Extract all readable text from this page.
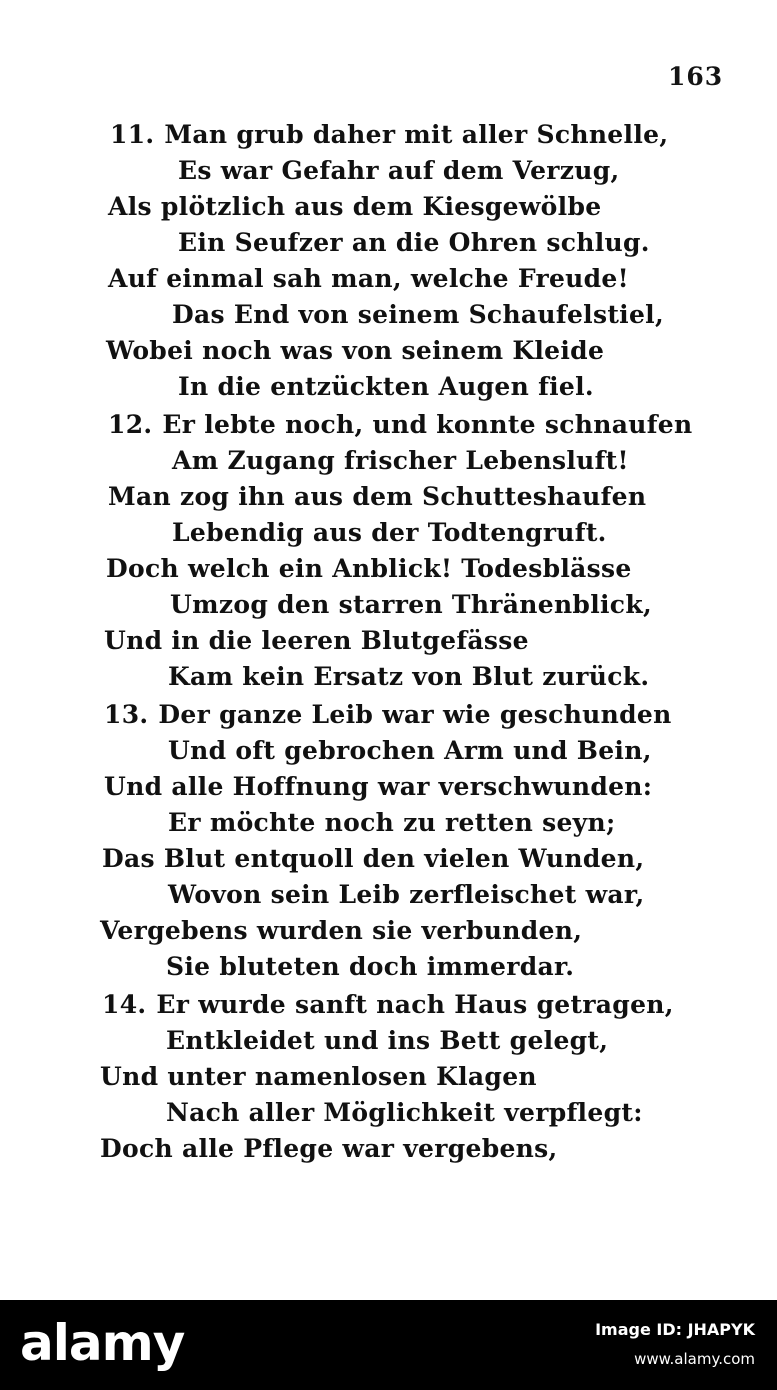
163
11. Man grub daher mit aller Schnelle,
Es war Gefahr auf dem Verzug,
Als plötzlich aus dem Kiesgewölbe
Ein Seufzer an die Ohren schlug.
Auf einmal sah man, welche Freude!
Das End von seinem Schaufelstiel,
Wobei noch was von seinem Kleide
In die entzückten Augen fiel.
12. Er lebte noch, und konnte schnaufen
Am Zugang frischer Lebensluft!
Man zog ihn aus dem Schutteshaufen
Lebendig aus der Todtengruft.
Doch welch ein Anblick! Todesblässe
Umzog den starren Thränenblick,
Und in die leeren Blutgefässe
Kam kein Ersatz von Blut zurück.
13. Der ganze Leib war wie geschunden
Und oft gebrochen Arm und Bein,
Und alle Hoffnung war verschwunden:
Er möchte noch zu retten seyn;
Das Blut entquoll den vielen Wunden,
Wovon sein Leib zerfleischet war,
Vergebens wurden sie verbunden,
Sie bluteten doch immerdar.
14. Er wurde sanft nach Haus getragen,
Entkleidet und ins Bett gelegt,
Und unter namenlosen Klagen
Nach aller Möglichkeit verpflegt:
Doch alle Pflege war vergebens,
alamy	Image ID: JHAPYK
www.alamy.com
